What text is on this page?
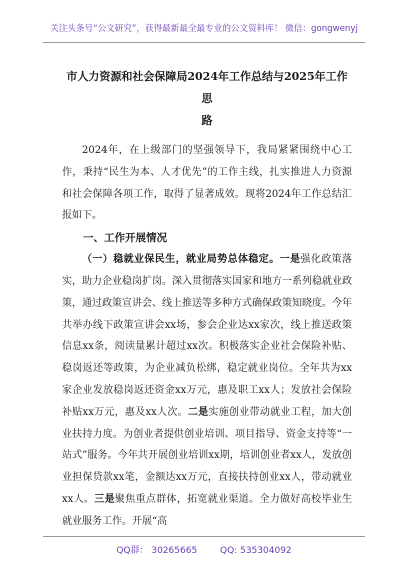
关注头条号“公文研究”，获得最新最全最专业的公文资料库！ 微信：gongwenyj
市人力资源和社会保障局2024年工作总结与2025年工作思
路

2024年，在上级部门的坚强领导下，我局紧紧围绕中心工作，秉持“民生为本、人才优先”的工作主线，扎实推进人力资源和社会保障各项工作，取得了显著成效。现将2024年工作总结汇报如下。

一、工作开展情况

（一）稳就业保民生，就业局势总体稳定。一是强化政策落实，助力企业稳岗扩岗。深入贯彻落实国家和地方一系列稳就业政策，通过政策宣讲会、线上推送等多种方式确保政策知晓度。今年共举办线下政策宣讲会xx场，参会企业达xx家次，线上推送政策信息xx条，阅读量累计超过xx次。积极落实企业社会保险补贴、稳岗返还等政策，为企业减负松绑，稳定就业岗位。全年共为xx家企业发放稳岗返还资金xx万元，惠及职工xx人；发放社会保险补贴xx万元，惠及xx人次。二是实施创业带动就业工程，加大创业扶持力度。为创业者提供创业培训、项目指导、资金支持等“一站式”服务。今年共开展创业培训xx期，培训创业者xx人，发放创业担保贷款xx笔，金额达xx万元，直接扶持创业xx人，带动就业xx人。三是聚焦重点群体，拓宽就业渠道。全力做好高校毕业生就业服务工作。开展“高

QQ群： 30265665	QQ: 535304092
